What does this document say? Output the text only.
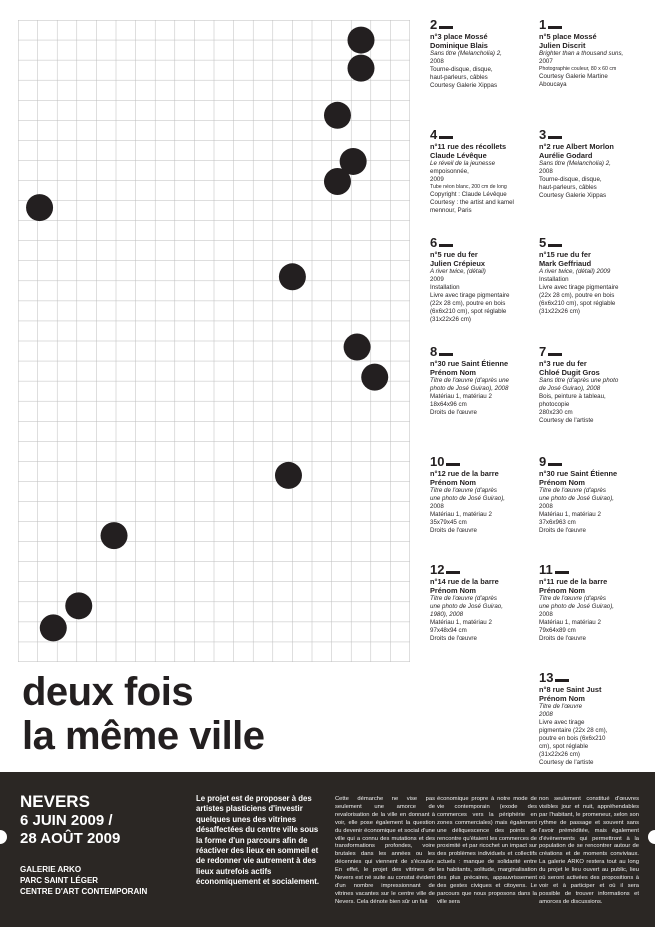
1
n°5 place Mossé
Julien Discrit
Brighter than a thousand suns,
2007
Photographie couleur, 80 x 60 cm
Courtesy Galerie Martine
Aboucaya
2
n°3 place Mossé
Dominique Blais
Sans titre (Melancholia) 2,
2008
Tourne-disque, disque,
haut-parleurs, câbles
Courtesy Galerie Xippas
3
n°2 rue Albert Morlon
Aurélie Godard
Sans titre (Melancholia) 2,
2008
Tourne-disque, disque,
haut-parleurs, câbles
Courtesy Galerie Xippas
4
n°11 rue des récollets
Claude Lévêque
Le réveil de la jeunesse
empoisonnée,
2009
Tube néon blanc, 200 cm de long
Copyright : Claude Lévêque
Courtesy : the artist and kamel
mennour, Paris
5
n°15 rue du fer
Mark Geffriaud
A river twice, (détail) 2009
Installation
Livre avec tirage pigmentaire
(22x 28 cm), poutre en bois
(6x6x210 cm), spot réglable
(31x22x26 cm)
6
n°5 rue du fer
Julien Crépieux
A river twice, (détail)
2009
Installation
Livre avec tirage pigmentaire
(22x 28 cm), poutre en bois
(6x6x210 cm), spot réglable
(31x22x26 cm)
7
n°3 rue du fer
Chloé Dugit Gros
Sans titre (d'après une photo
de José Guirao), 2008
Bois, peinture à tableau,
photocopie
280x230 cm
Courtesy de l'artiste
8
n°30 rue Saint Étienne
Prénom Nom
Titre de l'œuvre (d'après une
photo de José Guirao), 2008
Matériau 1, matériau 2
18x64x96 cm
Droits de l'œuvre
9
n°30 rue Saint Étienne
Prénom Nom
Titre de l'œuvre (d'après
une photo de José Guirao),
2008
Matériau 1, matériau 2
37x6x963 cm
Droits de l'œuvre
10
n°12 rue de la barre
Prénom Nom
Titre de l'œuvre (d'après
une photo de José Guirao),
2008
Matériau 1, matériau 2
35x79x45 cm
Droits de l'œuvre
11
n°11 rue de la barre
Prénom Nom
Titre de l'œuvre (d'après
une photo de José Guirao),
2008
Matériau 1, matériau 2
79x64x89 cm
Droits de l'œuvre
12
n°14 rue de la barre
Prénom Nom
Titre de l'œuvre (d'après
une photo de José Guirao,
1980), 2008
Matériau 1, matériau 2
97x48x94 cm
Droits de l'œuvre
13
n°8 rue Saint Just
Prénom Nom
Titre de l'œuvre
2008
Livre avec tirage
pigmentaire (22x 28 cm),
poutre en bois (6x6x210
cm), spot réglable
(31x22x26 cm)
Courtesy de l'artiste
deux fois
la même ville
NEVERS
6 JUIN 2009 /
28 AOÛT 2009
GALERIE ARKO
PARC SAINT LÉGER
CENTRE D'ART CONTEMPORAIN
Le projet est de proposer à des artistes plasticiens d'investir quelques unes des vitrines désaffectées du centre ville sous la forme d'un parcours afin de réactiver des lieux en sommeil et de redonner vie autrement à des lieux autrefois actifs économiquement et socialement.
Cette démarche ne vise pas seulement une amorce de revalorisation de la ville en donnant à voir, elle pose également la question du devenir économique et social d'une ville qui a connu des mutations et des transformations profondes, voire brutales dans les années ou les décennies qui viennent de s'écouler. En effet, le projet des vitrines de Nevers est né suite au constat évident d'un nombre impressionnant de vitrines vacantes sur le centre ville de Nevers. Cela dénote bien sûr un fait
économique propre à notre mode de vie contemporain (exode des commerces vers la périphérie en zones commerciales) mais également une déliquescence des points de rencontre qu'étaient les commerces de proximité et par ricochet un impact sur des problèmes individuels et collectifs actuels : manque de solidarité entre les habitants, solitude, marginalisation des plus précaires, appauvrissement des gestes civiques et citoyens. Le parcours que nous proposons dans la ville sera
non seulement constitué d'œuvres visibles jour et nuit, appréhendables par l'habitant, le promeneur, selon son rythme de passage et souvent sans l'avoir préméditée, mais également d'évènements qui permettront à la population de se rencontrer autour de créations et de moments conviviaux. La galerie ARKO restera tout au long du projet le lieu ouvert au public, lieu où seront activées des propositions à voir et à participer et où il sera possible de trouver informations et amorces de discussions.
